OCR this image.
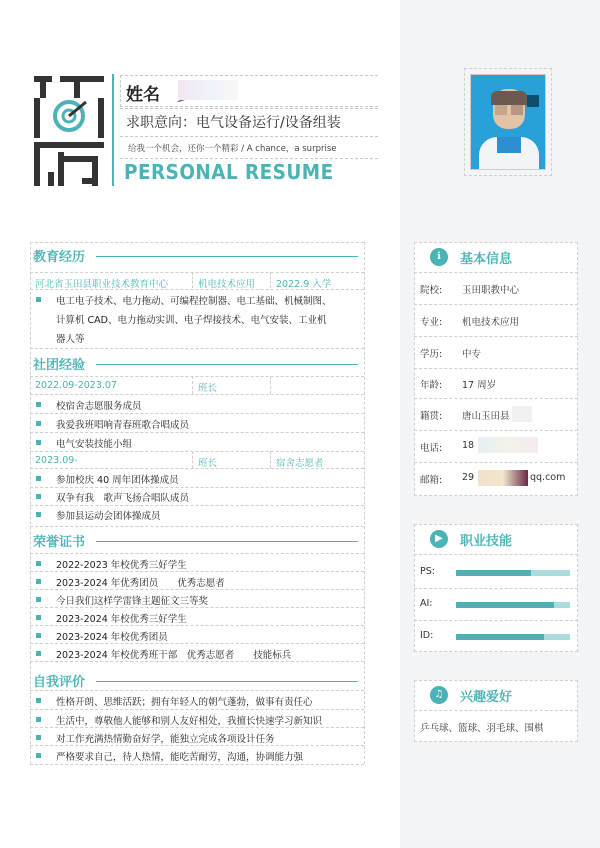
姓名　
求职意向：电气设备运行/设备组装
给我一个机会，还你一个精彩 / A chance，a surprise
PERSONAL RESUME
教育经历
河北省玉田县职业技术教育中心	机电技术应用 2022.9 入学
电工电子技术、电力拖动、可编程控制器、电工基础、机械制图、
计算机 CAD、电力拖动实训、电子焊接技术、电气安装、工业机
器人等
社团经验
2022.09-2023.07	班长
校宿舍志愿服务成员
我爱我班唱响青春班歌合唱成员
电气安装技能小组
2023.09-	班长	宿舍志愿者
参加校庆 40 周年团体操成员
双争有我　歌声飞扬合唱队成员
参加县运动会团体操成员
荣誉证书
2022-2023 年校优秀三好学生
2023-2024 年优秀团员　　优秀志愿者
今日我们这样学雷锋主题征文三等奖
2023-2024 年校优秀三好学生
2023-2024 年校优秀团员
2023-2024 年校优秀班干部　优秀志愿者　　技能标兵
自我评价
性格开朗、思维活跃；拥有年轻人的朝气蓬勃，做事有责任心
生活中，尊敬他人能够和别人友好相处，我擅长快速学习新知识
对工作充满热情勤奋好学，能独立完成各项设计任务
严格要求自己，待人热情，能吃苦耐劳，沟通，协调能力强
ℹ	基本信息
院校: 玉田职教中心
专业: 机电技术应用
学历: 中专
年龄: 17 周岁
籍贯: 唐山玉田县
电话: 18
邮箱: 29	qq.com
▶	职业技能
PS:
AI:
ID:
♫	兴趣爱好
乒乓球、篮球、羽毛球、围棋
